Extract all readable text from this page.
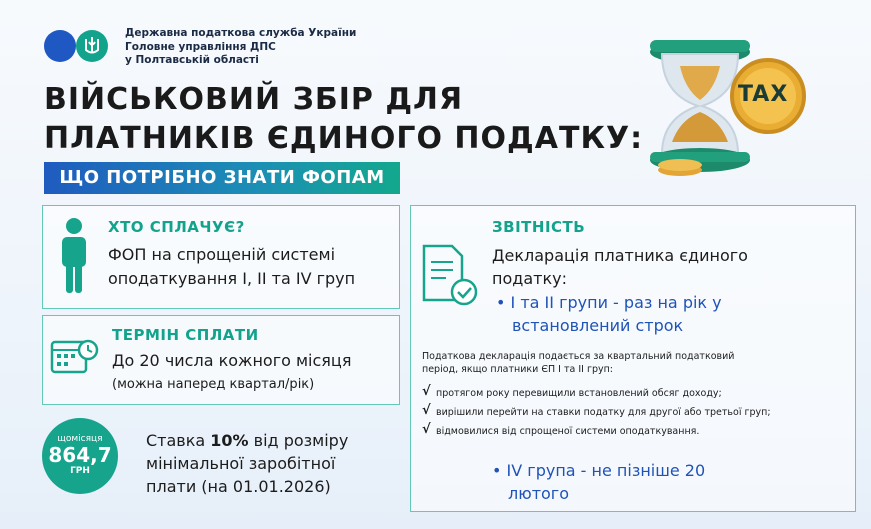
Державна податкова служба України
Головне управління ДПС
у Полтавській області
TAX
ВІЙСЬКОВИЙ ЗБІР ДЛЯ
ПЛАТНИКІВ ЄДИНОГО ПОДАТКУ:
ЩО ПОТРІБНО ЗНАТИ ФОПАМ
ХТО СПЛАЧУЄ?
ФОП на спрощеній системі
оподаткування І, ІІ та IV груп
ТЕРМІН СПЛАТИ
До 20 числа кожного місяця
(можна наперед квартал/рік)
щомісяця
864,7
ГРН
Ставка 10% від розміру
мінімальної заробітної
плати (на 01.01.2026)
ЗВІТНІСТЬ
Декларація платника єдиного
податку:
• І та ІІ групи - раз на рік у
встановлений строк
Податкова декларація подається за квартальний податковий
період, якщо платники ЄП І та ІІ груп:
√ протягом року перевищили встановлений обсяг доходу;
√ вирішили перейти на ставки податку для другої або третьої груп;
√ відмовилися від спрощеної системи оподаткування.
• IV група - не пізніше 20
лютого
